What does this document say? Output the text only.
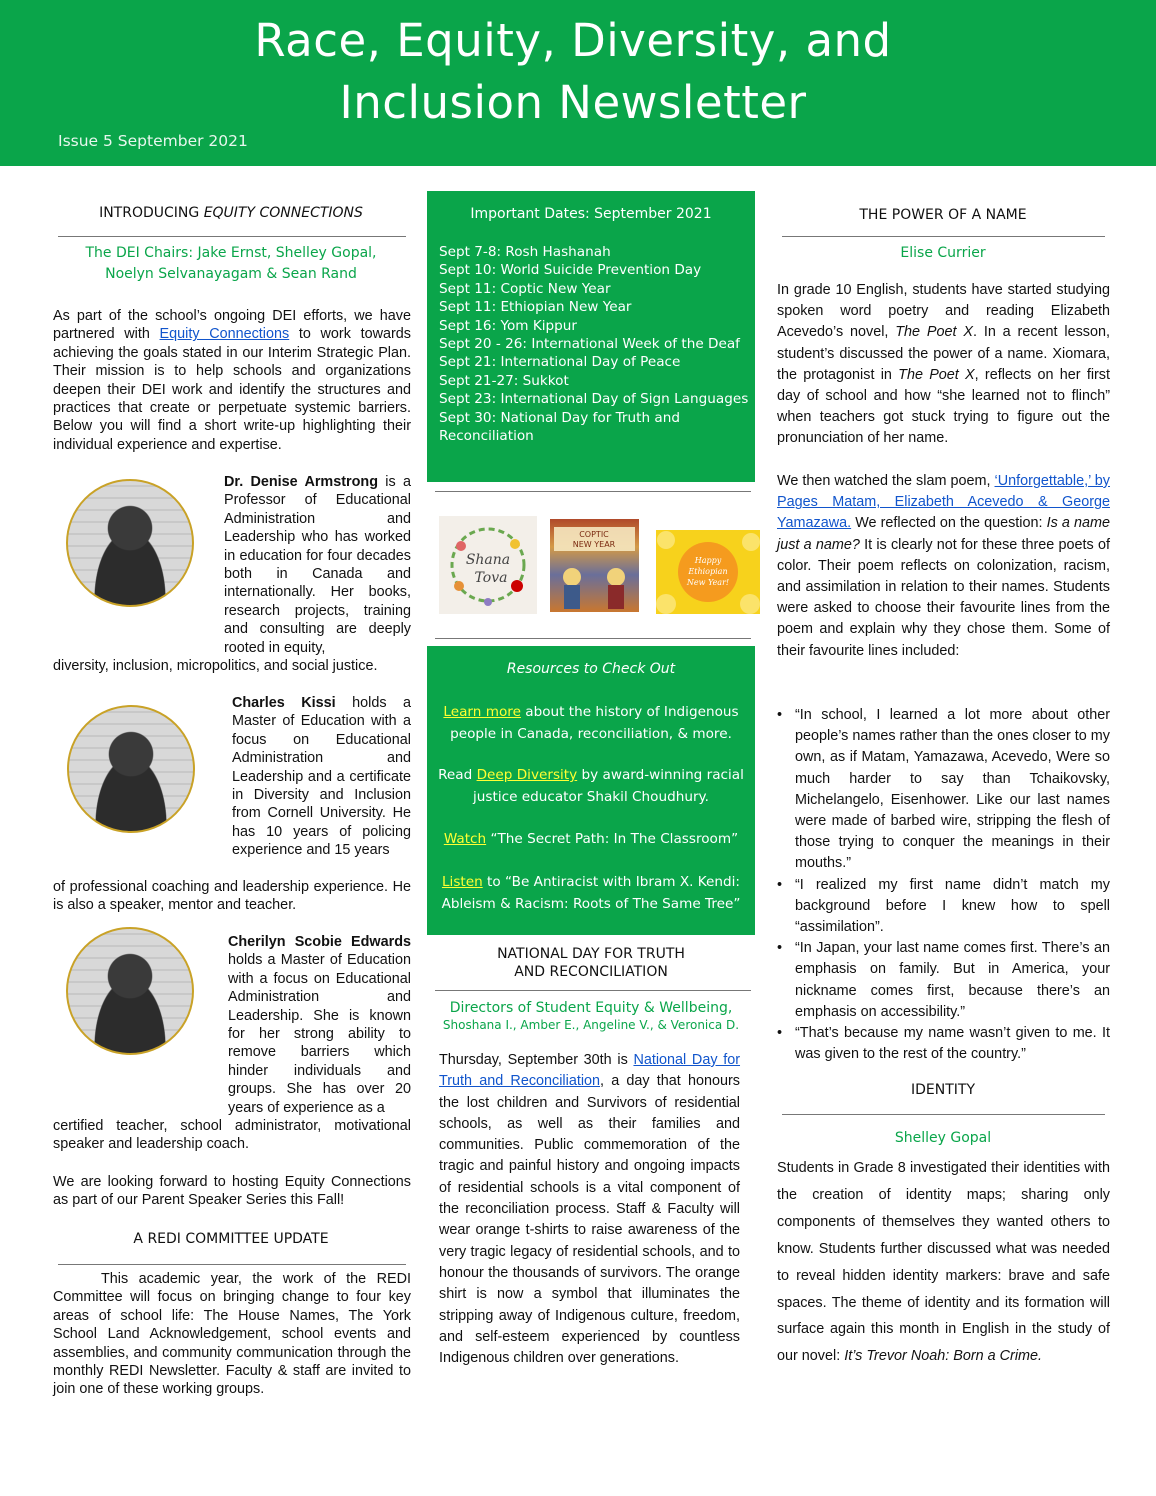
Race, Equity, Diversity, and
Inclusion Newsletter
Issue 5 September 2021
INTRODUCING EQUITY CONNECTIONS
The DEI Chairs: Jake Ernst, Shelley Gopal,
Noelyn Selvanayagam & Sean Rand
As part of the school’s ongoing DEI efforts, we have partnered with Equity Connections to work towards achieving the goals stated in our Interim Strategic Plan. Their mission is to help schools and organizations deepen their DEI work and identify the structures and practices that create or perpetuate systemic barriers. Below you will find a short write-up highlighting their individual experience and expertise.
Dr. Denise Armstrong is a Professor of Educational Administration and Leadership who has worked in education for four decades both in Canada and internationally. Her books, research projects, training and consulting are deeply rooted in equity,
diversity, inclusion, micropolitics, and social justice.
Charles Kissi holds a Master of Education with a focus on Educational Administration and Leadership and a certificate in Diversity and Inclusion from Cornell University. He has 10 years of policing experience and 15 years
of professional coaching and leadership experience. He is also a speaker, mentor and teacher.
Cherilyn Scobie Edwards holds a Master of Education with a focus on Educational Administration and Leadership. She is known for her strong ability to remove barriers which hinder individuals and groups. She has over 20 years of experience as a
certified teacher, school administrator, motivational speaker and leadership coach.
We are looking forward to hosting Equity Connections as part of our Parent Speaker Series this Fall!
A REDI COMMITTEE UPDATE
This academic year, the work of the REDI Committee will focus on bringing change to four key areas of school life: The House Names, The York School Land Acknowledgement, school events and assemblies, and community communication through the monthly REDI Newsletter. Faculty & staff are invited to join one of these working groups.
Important Dates: September 2021
Sept 7-8: Rosh Hashanah
Sept 10: World Suicide Prevention Day
Sept 11: Coptic New Year
Sept 11: Ethiopian New Year
Sept 16: Yom Kippur
Sept 20 - 26: International Week of the Deaf
Sept 21: International Day of Peace
Sept 21-27: Sukkot
Sept 23: International Day of Sign Languages
Sept 30: National Day for Truth and Reconciliation
Shana
Tova
COPTIC
NEW YEAR
Happy
Ethiopian
New Year!
Resources to Check Out
Learn more about the history of Indigenous people in Canada, reconciliation, & more.
Read Deep Diversity by award-winning racial justice educator Shakil Choudhury.
Watch “The Secret Path: In The Classroom”
Listen to “Be Antiracist with Ibram X. Kendi: Ableism & Racism: Roots of The Same Tree”
NATIONAL DAY FOR TRUTH
AND RECONCILIATION
Directors of Student Equity & Wellbeing,
Shoshana I., Amber E., Angeline V., & Veronica D.
Thursday, September 30th is National Day for Truth and Reconciliation, a day that honours the lost children and Survivors of residential schools, as well as their families and communities. Public commemoration of the tragic and painful history and ongoing impacts of residential schools is a vital component of the reconciliation process. Staff & Faculty will wear orange t-shirts to raise awareness of the very tragic legacy of residential schools, and to honour the thousands of survivors. The orange shirt is now a symbol that illuminates the stripping away of Indigenous culture, freedom, and self-esteem experienced by countless Indigenous children over generations.
THE POWER OF A NAME
Elise Currier
In grade 10 English, students have started studying spoken word poetry and reading Elizabeth Acevedo’s novel, The Poet X. In a recent lesson, student’s discussed the power of a name. Xiomara, the protagonist in The Poet X, reflects on her first day of school and how “she learned not to flinch” when teachers got stuck trying to figure out the pronunciation of her name.
We then watched the slam poem, ‘Unforgettable,’ by Pages Matam, Elizabeth Acevedo & George Yamazawa. We reflected on the question: Is a name just a name? It is clearly not for these three poets of color. Their poem reflects on colonization, racism, and assimilation in relation to their names. Students were asked to choose their favourite lines from the poem and explain why they chose them. Some of their favourite lines included:
• “In school, I learned a lot more about other people’s names rather than the ones closer to my own, as if Matam, Yamazawa, Acevedo, Were so much harder to say than Tchaikovsky, Michelangelo, Eisenhower. Like our last names were made of barbed wire, stripping the flesh of those trying to conquer the meanings in their mouths.”
• “I realized my first name didn’t match my background before I knew how to spell “assimilation”.
• “In Japan, your last name comes first. There’s an emphasis on family. But in America, your nickname comes first, because there’s an emphasis on accessibility.”
• “That’s because my name wasn’t given to me. It was given to the rest of the country.”
IDENTITY
Shelley Gopal
Students in Grade 8 investigated their identities with the creation of identity maps; sharing only components of themselves they wanted others to know. Students further discussed what was needed to reveal hidden identity markers: brave and safe spaces. The theme of identity and its formation will surface again this month in English in the study of our novel: It’s Trevor Noah: Born a Crime.
